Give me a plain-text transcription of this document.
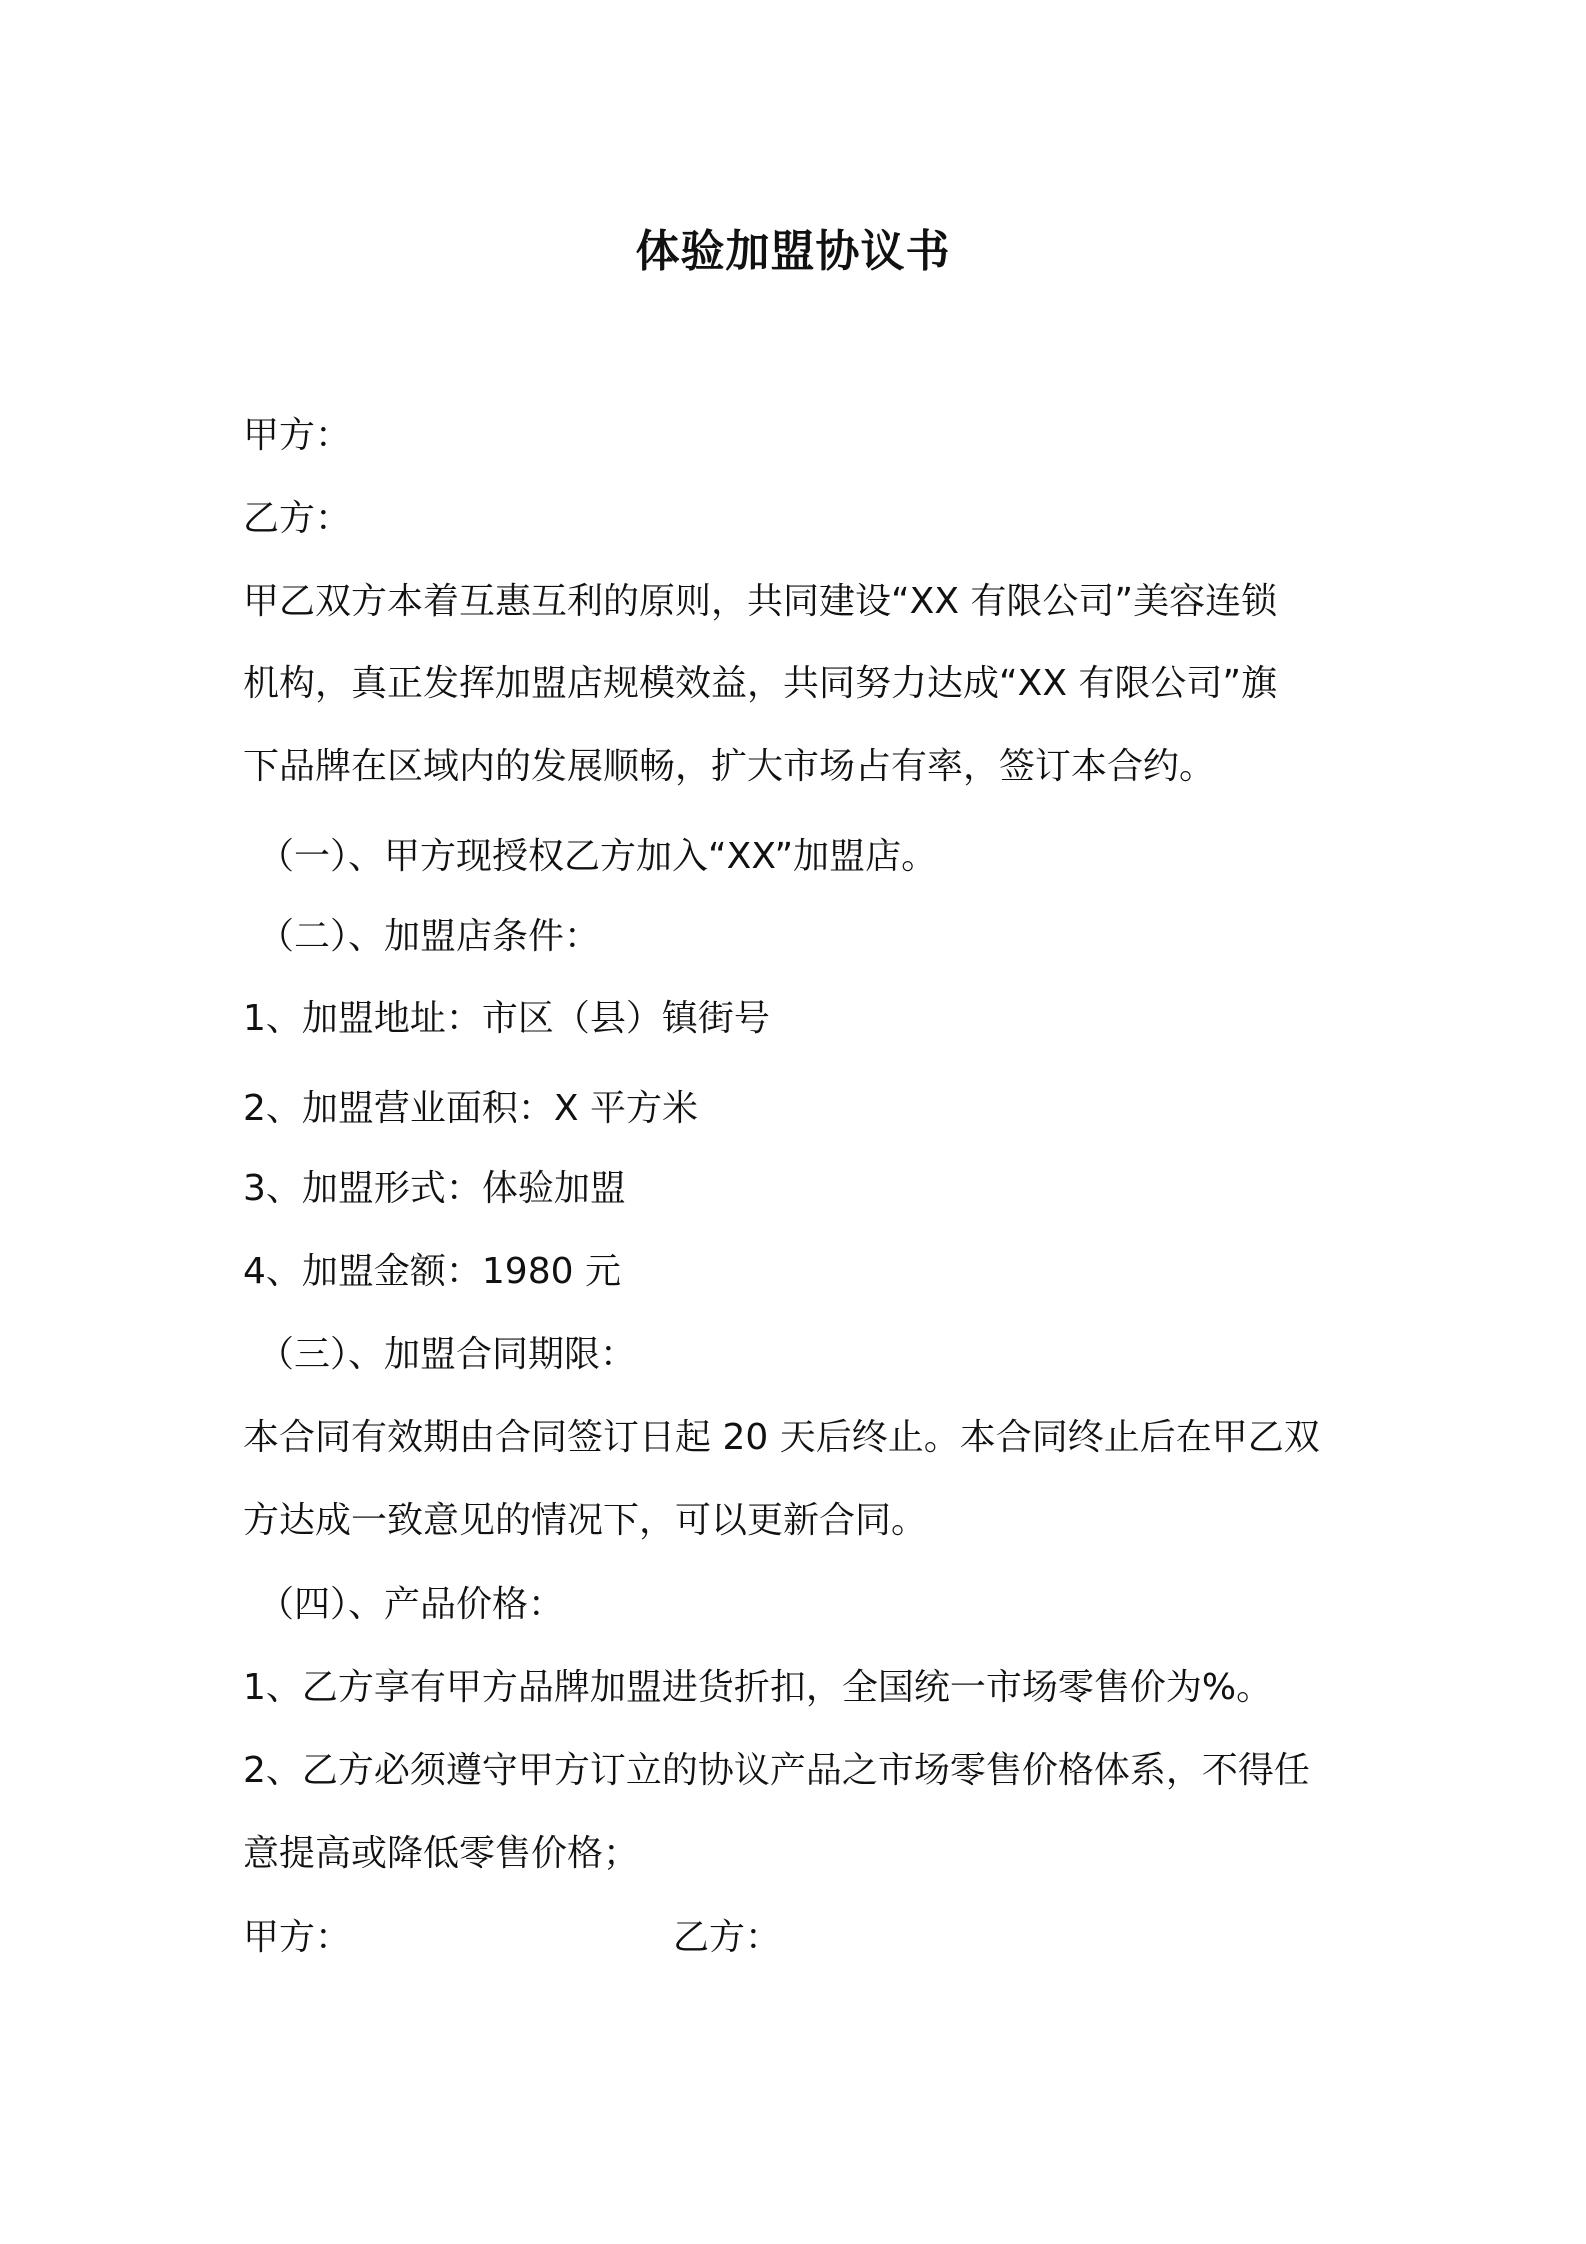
体验加盟协议书
甲方：
乙方：
甲乙双方本着互惠互利的原则，共同建设“XX 有限公司”美容连锁
机构，真正发挥加盟店规模效益，共同努力达成“XX 有限公司”旗
下品牌在区域内的发展顺畅，扩大市场占有率，签订本合约。
（一）、甲方现授权乙方加入“XX”加盟店。
（二）、加盟店条件：
1、加盟地址：市区（县）镇街号
2、加盟营业面积：X 平方米
3、加盟形式：体验加盟
4、加盟金额：1980 元
（三）、加盟合同期限：
本合同有效期由合同签订日起 20 天后终止。本合同终止后在甲乙双
方达成一致意见的情况下，可以更新合同。
（四）、产品价格：
1、乙方享有甲方品牌加盟进货折扣，全国统一市场零售价为%。
2、乙方必须遵守甲方订立的协议产品之市场零售价格体系，不得任
意提高或降低零售价格；
甲方：	乙方：
